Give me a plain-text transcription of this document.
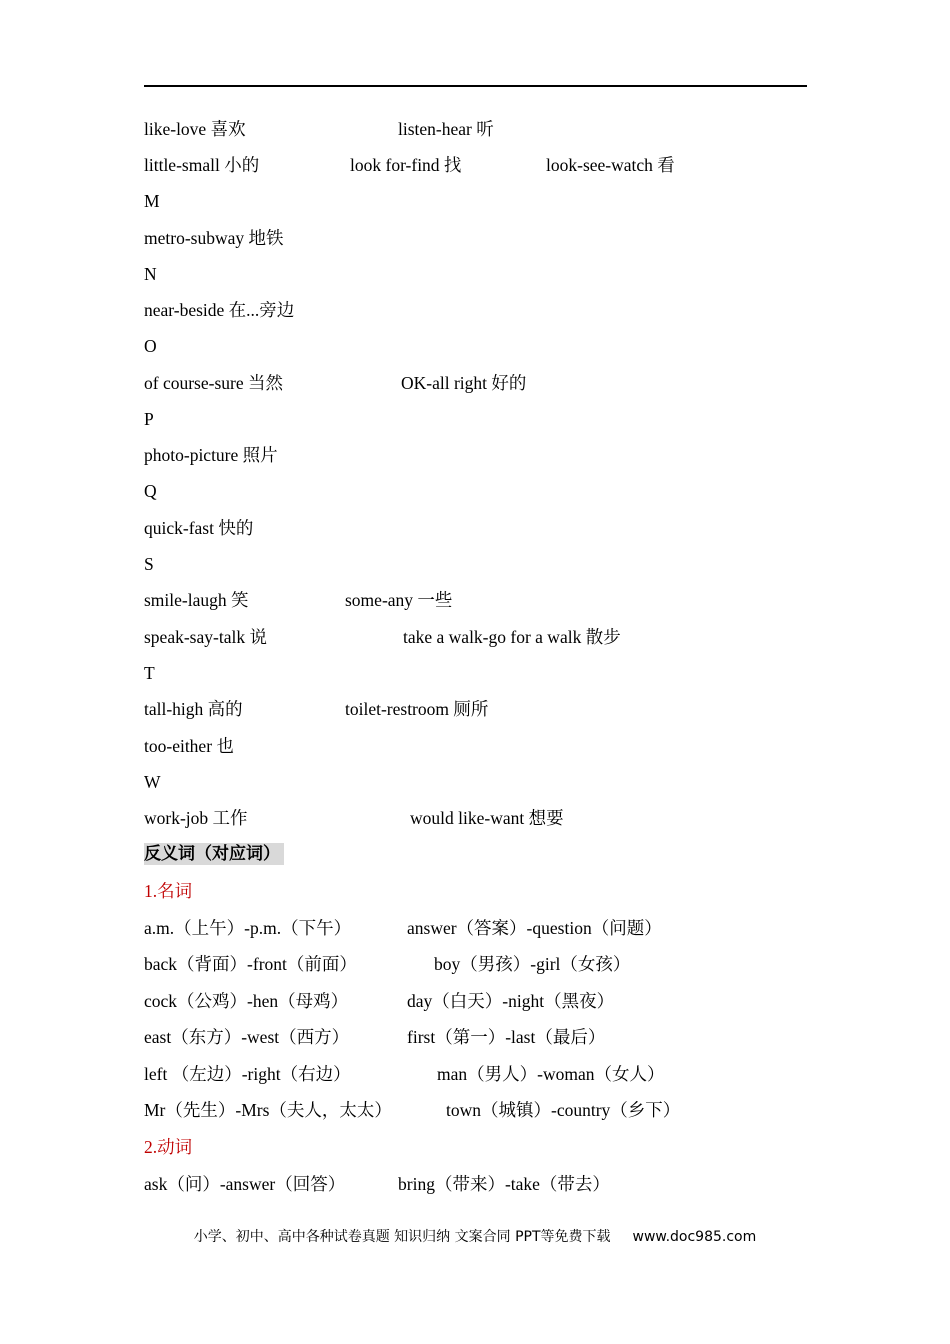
like-love 喜欢	listen-hear 听
little-small 小的	look for-find 找	look-see-watch 看
M
metro-subway 地铁
N
near-beside 在...旁边
O
of course-sure 当然	OK-all right 好的
P
photo-picture 照片
Q
quick-fast 快的
S
smile-laugh 笑	some-any 一些
speak-say-talk 说	take a walk-go for a walk 散步
T
tall-high 高的	toilet-restroom 厕所
too-either 也
W
work-job 工作	would like-want 想要
反义词（对应词）
1.名词
a.m.（上午）-p.m.（下午）	answer（答案）-question（问题）
back（背面）-front（前面）	boy（男孩）-girl（女孩）
cock（公鸡）-hen（母鸡）	day（白天）-night（黑夜）
east（东方）-west（西方）	first（第一）-last（最后）
left （左边）-right（右边）	man（男人）-woman（女人）
Mr（先生）-Mrs（夫人，太太）	town（城镇）-country（乡下）
2.动词
ask（问）-answer（回答）	bring（带来）-take（带去）
小学、初中、高中各种试卷真题 知识归纳 文案合同 PPT等免费下载 www.doc985.com
